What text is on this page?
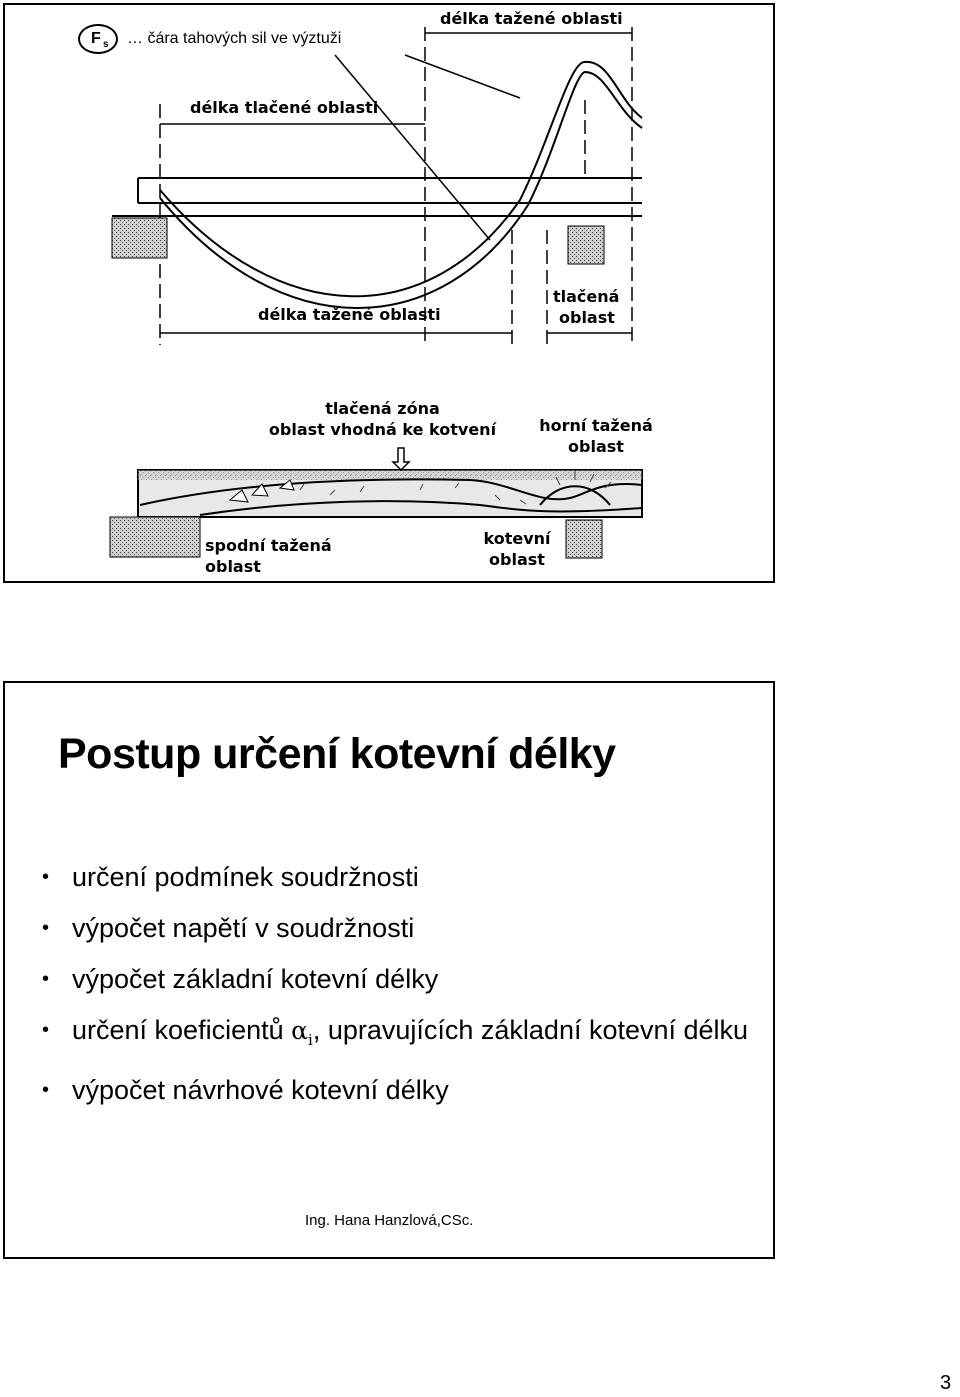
F s … čára tahových sil ve výztuži
délka tažené oblasti
délka tlačené oblasti
délka tažené oblasti
tlačená
oblast
tlačená zóna
oblast vhodná ke kotvení	horní tažená
oblast
spodní tažená
oblast
kotevní
oblast
Postup určení kotevní délky
• určení podmínek soudržnosti
• výpočet napětí v soudržnosti
• výpočet základní kotevní délky
• určení koeficientů $\alpha_i$, upravujících základní kotevní délku
• výpočet návrhové kotevní délky
Ing. Hana Hanzlová,CSc.
3
